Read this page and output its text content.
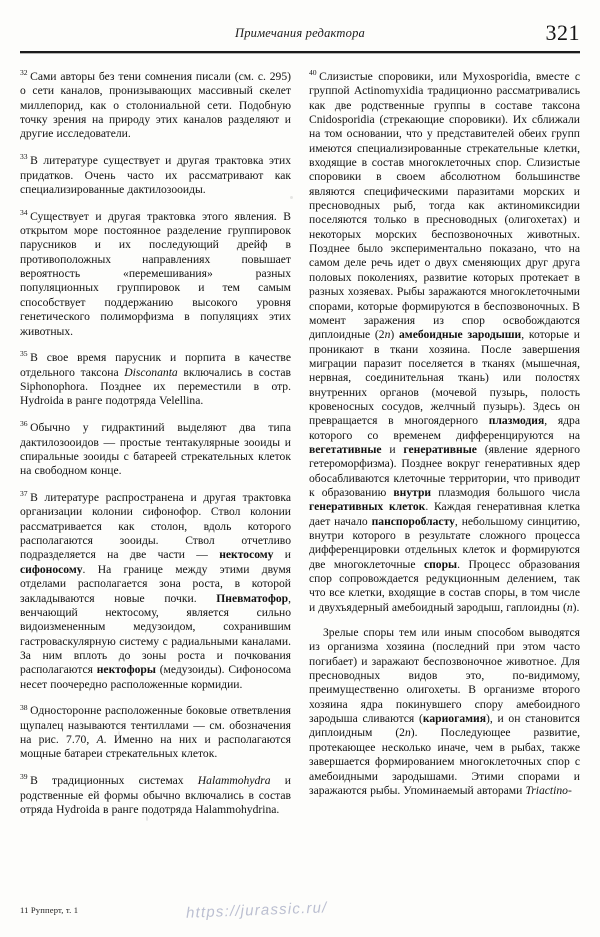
Примечания редактора	321

$^{32}$ Сами авторы без тени сомнения писали (см. с. 295) о сети каналов, пронизывающих массивный скелет миллепорид, как о столониальной сети. Подобную точку зрения на природу этих каналов разделяют и другие исследователи.

$^{33}$ В литературе существует и другая трактовка этих придатков. Очень часто их рассматривают как специализированные дактилозооиды.

$^{34}$ Существует и другая трактовка этого явления. В открытом море постоянное разделение группировок парусников и их последующий дрейф в противоположных направлениях повышает вероятность «перемешивания» разных популяционных группировок и тем самым способствует поддержанию высокого уровня генетического полиморфизма в популяциях этих животных.

$^{35}$ В свое время парусник и порпита в качестве отдельного таксона Disconanta включались в состав Siphonophora. Позднее их переместили в отр. Hydroida в ранге подотряда Velellina.

$^{36}$ Обычно у гидрактиний выделяют два типа дактилозооидов — простые тентакулярные зооиды и спиральные зооиды с батареей стрекательных клеток на свободном конце.

$^{37}$ В литературе распространена и другая трактовка организации колонии сифонофор. Ствол колонии рассматривается как столон, вдоль которого располагаются зооиды. Ствол отчетливо подразделяется на две части — нектосому и сифоносому. На границе между этими двумя отделами располагается зона роста, в которой закладываются новые почки. Пневматофор, венчающий нектосому, является сильно видоизмененным медузоидом, сохранившим гастроваскулярную систему с радиальными каналами. За ним вплоть до зоны роста и почкования располагаются нектофоры (медузоиды). Сифоносома несет поочередно расположенные кормидии.

$^{38}$ Односторонне расположенные боковые ответвления щупалец называются тентиллами — см. обозначения на рис. 7.70, А. Именно на них и располагаются мощные батареи стрекательных клеток.

$^{39}$ В традиционных системах Halammohydra и родственные ей формы обычно включались в состав отряда Hydroida в ранге подотряда Halammohydrina.

$^{40}$ Слизистые споровики, или Myxosporidia, вместе с группой Actinomyxidia традиционно рассматривались как две родственные группы в составе таксона Cnidosporidia (стрекающие споровики). Их сближали на том основании, что у представителей обеих групп имеются специализированные стрекательные клетки, входящие в состав многоклеточных спор. Слизистые споровики в своем абсолютном большинстве являются специфическими паразитами морских и пресноводных рыб, тогда как актиномиксидии поселяются только в пресноводных (олигохетах) и некоторых морских беспозвоночных животных. Позднее было экспериментально показано, что на самом деле речь идет о двух сменяющих друг друга половых поколениях, развитие которых протекает в разных хозяевах. Рыбы заражаются многоклеточными спорами, которые формируются в беспозвоночных. В момент заражения из спор освобождаются диплоидные (2n) амебоидные зародыши, которые и проникают в ткани хозяина. После завершения миграции паразит поселяется в тканях (мышечная, нервная, соединительная ткань) или полостях внутренних органов (мочевой пузырь, полость кровеносных сосудов, желчный пузырь). Здесь он превращается в многоядерного плазмодия, ядра которого со временем дифференцируются на вегетативные и генеративные (явление ядерного гетероморфизма). Позднее вокруг генеративных ядер обосабливаются клеточные территории, что приводит к образованию внутри плазмодия большого числа генеративных клеток. Каждая генеративная клетка дает начало панспоробласту, небольшому синцитию, внутри которого в результате сложного процесса дифференцировки отдельных клеток и формируются две многоклеточные споры. Процесс образования спор сопровождается редукционным делением, так что все клетки, входящие в состав споры, в том числе и двухъядерный амебоидный зародыш, гаплоидны (n).

Зрелые споры тем или иным способом выводятся из организма хозяина (последний при этом часто погибает) и заражают беспозвоночное животное. Для пресноводных видов это, по-видимому, преимущественно олигохеты. В организме второго хозяина ядра покинувшего спору амебоидного зародыша сливаются (кариогамия), и он становится диплоидным (2n). Последующее развитие, протекающее несколько иначе, чем в рыбах, также завершается формированием многоклеточных спор с амебоидными зародышами. Этими спорами и заражаются рыбы. Упоминаемый авторами Triactino-

11 Рупперт, т. 1	https://jurassic.ru/
